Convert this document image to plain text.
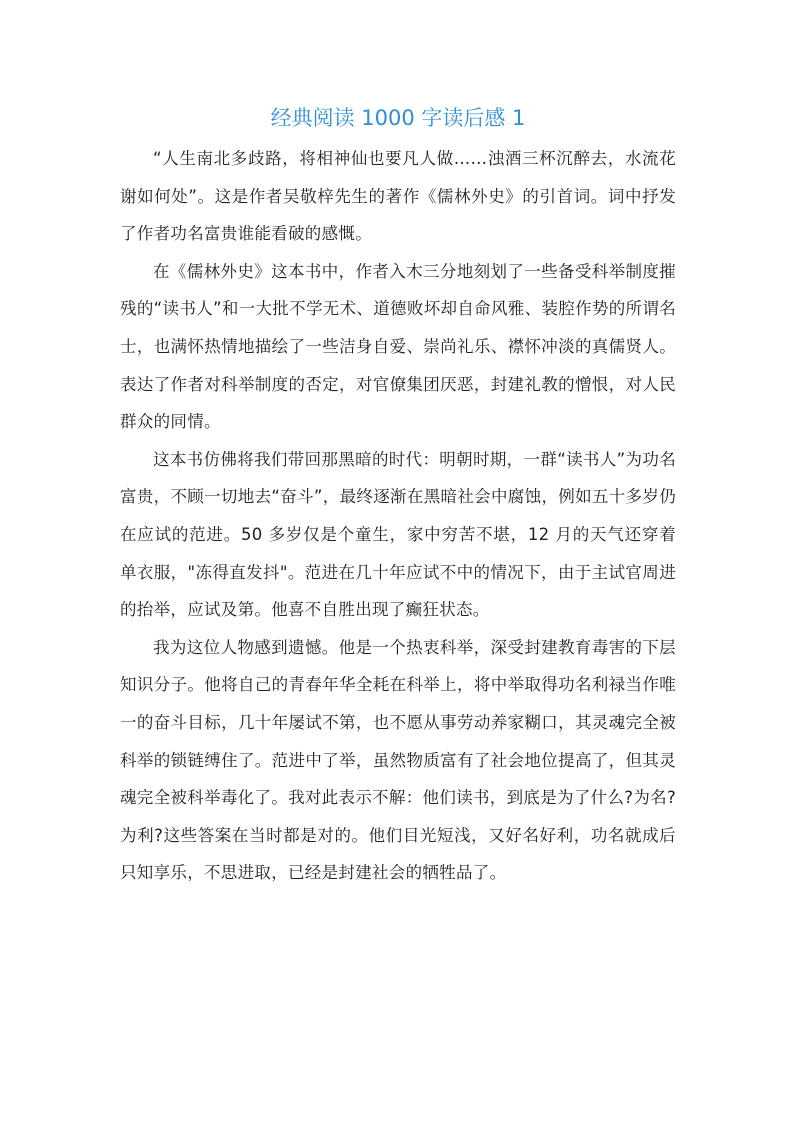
经典阅读 1000 字读后感 1

“人生南北多歧路，将相神仙也要凡人做……浊酒三杯沉醉去，水流花谢如何处”。这是作者吴敬梓先生的著作《儒林外史》的引首词。词中抒发了作者功名富贵谁能看破的感慨。

在《儒林外史》这本书中，作者入木三分地刻划了一些备受科举制度摧残的“读书人”和一大批不学无术、道德败坏却自命风雅、装腔作势的所谓名士，也满怀热情地描绘了一些洁身自爱、崇尚礼乐、襟怀冲淡的真儒贤人。表达了作者对科举制度的否定，对官僚集团厌恶，封建礼教的憎恨，对人民群众的同情。

这本书仿佛将我们带回那黑暗的时代：明朝时期，一群“读书人”为功名富贵，不顾一切地去“奋斗”，最终逐渐在黑暗社会中腐蚀，例如五十多岁仍在应试的范进。50 多岁仅是个童生，家中穷苦不堪，12 月的天气还穿着单衣服，"冻得直发抖"。范进在几十年应试不中的情况下，由于主试官周进的抬举，应试及第。他喜不自胜出现了癫狂状态。

我为这位人物感到遗憾。他是一个热衷科举，深受封建教育毒害的下层知识分子。他将自己的青春年华全耗在科举上，将中举取得功名利禄当作唯一的奋斗目标，几十年屡试不第，也不愿从事劳动养家糊口，其灵魂完全被科举的锁链缚住了。范进中了举，虽然物质富有了社会地位提高了，但其灵魂完全被科举毒化了。我对此表示不解：他们读书，到底是为了什么?为名?为利?这些答案在当时都是对的。他们目光短浅，又好名好利，功名就成后只知享乐，不思进取，已经是封建社会的牺牲品了。
